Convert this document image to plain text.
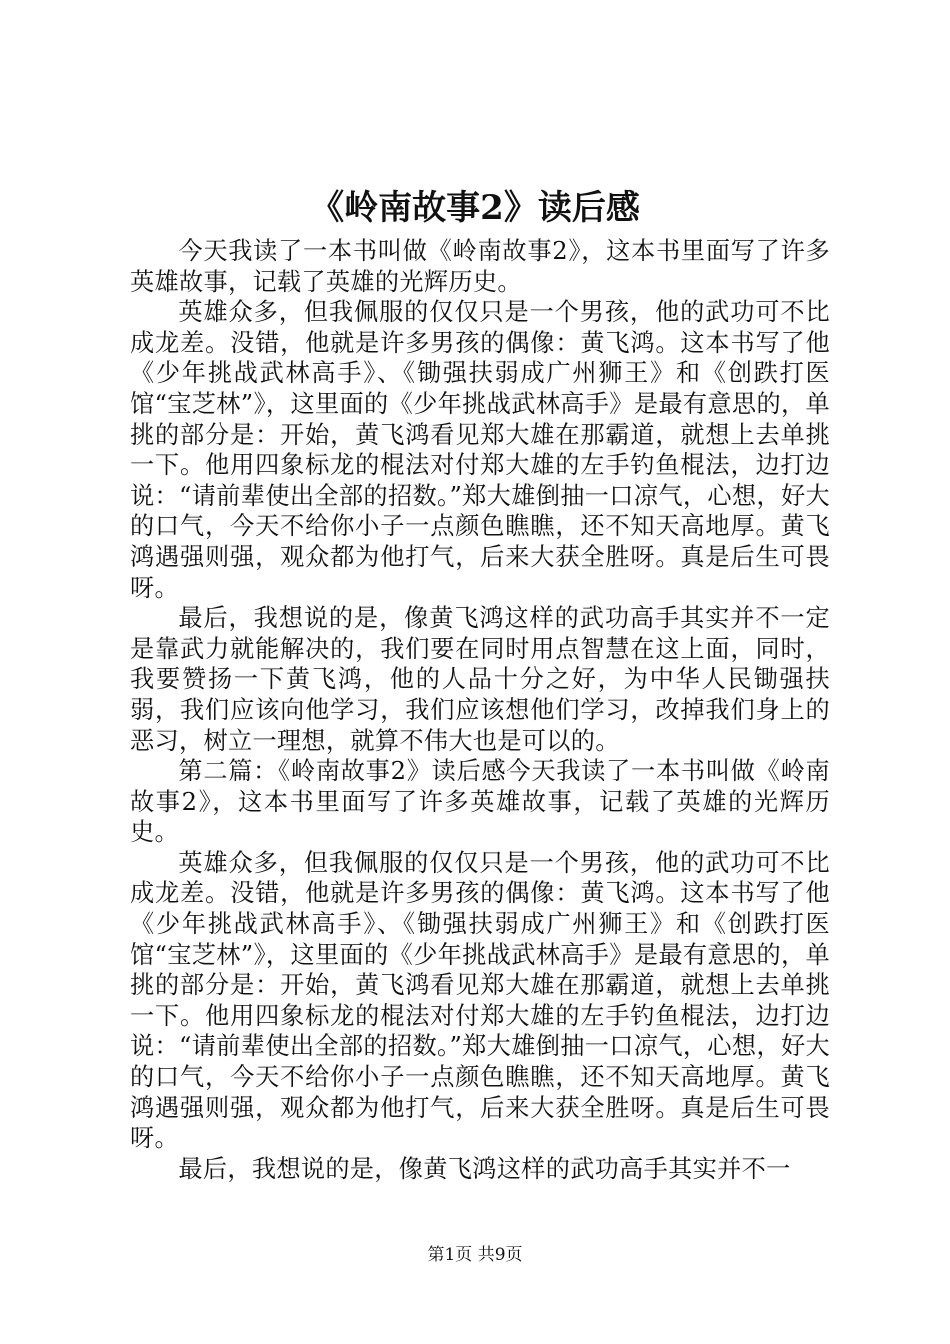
《岭南故事2》读后感

今天我读了一本书叫做《岭南故事2》，这本书里面写了许多英雄故事，记载了英雄的光辉历史。

英雄众多，但我佩服的仅仅只是一个男孩，他的武功可不比成龙差。没错，他就是许多男孩的偶像：黄飞鸿。这本书写了他《少年挑战武林高手》、《锄强扶弱成广州狮王》和《创跌打医馆“宝芝林”》，这里面的《少年挑战武林高手》是最有意思的，单挑的部分是：开始，黄飞鸿看见郑大雄在那霸道，就想上去单挑一下。他用四象标龙的棍法对付郑大雄的左手钓鱼棍法，边打边说：“请前辈使出全部的招数。”郑大雄倒抽一口凉气，心想，好大的口气，今天不给你小子一点颜色瞧瞧，还不知天高地厚。黄飞鸿遇强则强，观众都为他打气，后来大获全胜呀。真是后生可畏呀。

最后，我想说的是，像黄飞鸿这样的武功高手其实并不一定是靠武力就能解决的，我们要在同时用点智慧在这上面，同时，我要赞扬一下黄飞鸿，他的人品十分之好，为中华人民锄强扶弱，我们应该向他学习，我们应该想他们学习，改掉我们身上的恶习，树立一理想，就算不伟大也是可以的。

第二篇：《岭南故事2》读后感今天我读了一本书叫做《岭南故事2》，这本书里面写了许多英雄故事，记载了英雄的光辉历史。

英雄众多，但我佩服的仅仅只是一个男孩，他的武功可不比成龙差。没错，他就是许多男孩的偶像：黄飞鸿。这本书写了他《少年挑战武林高手》、《锄强扶弱成广州狮王》和《创跌打医馆“宝芝林”》，这里面的《少年挑战武林高手》是最有意思的，单挑的部分是：开始，黄飞鸿看见郑大雄在那霸道，就想上去单挑一下。他用四象标龙的棍法对付郑大雄的左手钓鱼棍法，边打边说：“请前辈使出全部的招数。”郑大雄倒抽一口凉气，心想，好大的口气，今天不给你小子一点颜色瞧瞧，还不知天高地厚。黄飞鸿遇强则强，观众都为他打气，后来大获全胜呀。真是后生可畏呀。

最后，我想说的是，像黄飞鸿这样的武功高手其实并不一

第1页 共9页
